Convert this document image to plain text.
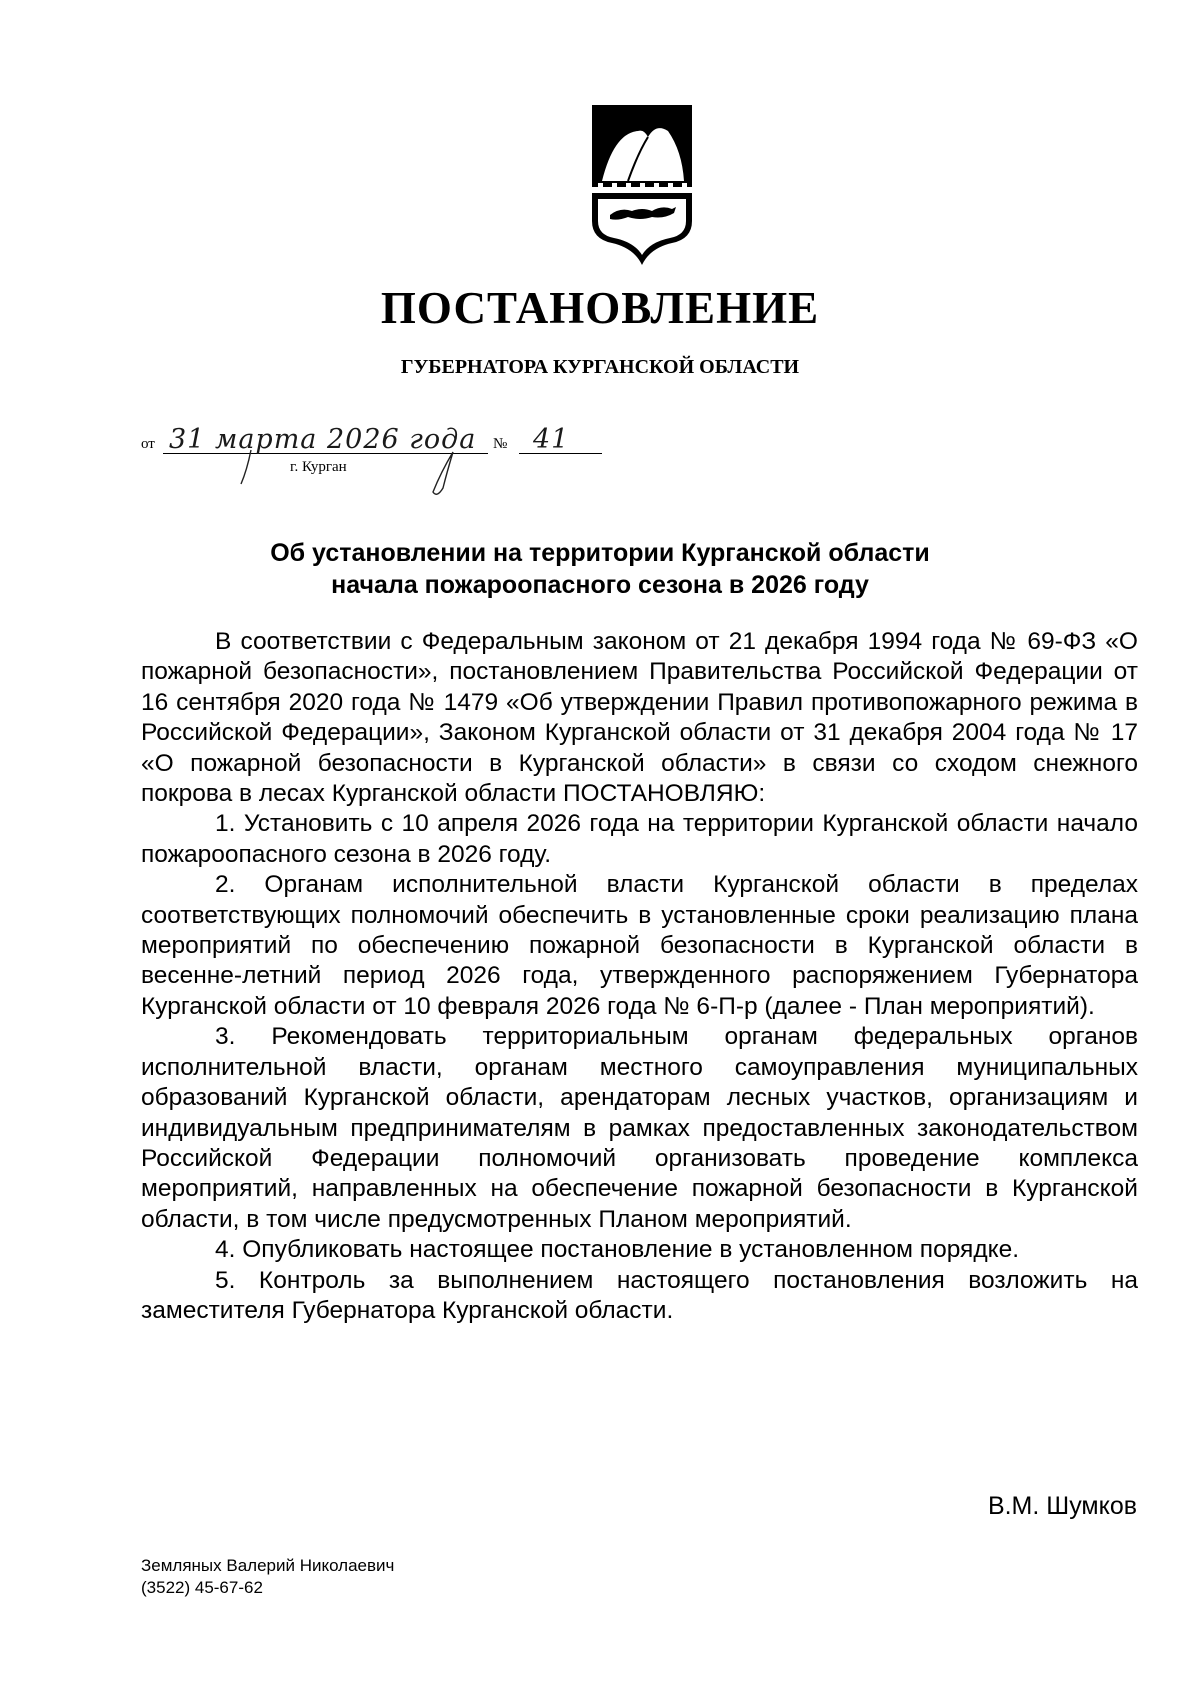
ПОСТАНОВЛЕНИЕ
ГУБЕРНАТОРА КУРГАНСКОЙ ОБЛАСТИ
от 31 марта 2026 года № 41
г. Курган
Об установлении на территории Курганской области
начала пожароопасного сезона в 2026 году

В соответствии с Федеральным законом от 21 декабря 1994 года № 69-ФЗ «О пожарной безопасности», постановлением Правительства Российской Федерации от 16 сентября 2020 года № 1479 «Об утверждении Правил противопожарного режима в Российской Федерации», Законом Курганской области от 31 декабря 2004 года № 17 «О пожарной безопасности в Курганской области» в связи со сходом снежного покрова в лесах Курганской области ПОСТАНОВЛЯЮ:

1. Установить с 10 апреля 2026 года на территории Курганской области начало пожароопасного сезона в 2026 году.

2. Органам исполнительной власти Курганской области в пределах соответствующих полномочий обеспечить в установленные сроки реализацию плана мероприятий по обеспечению пожарной безопасности в Курганской области в весенне-летний период 2026 года, утвержденного распоряжением Губернатора Курганской области от 10 февраля 2026 года № 6-П-р (далее - План мероприятий).

3. Рекомендовать территориальным органам федеральных органов исполнительной власти, органам местного самоуправления муниципальных образований Курганской области, арендаторам лесных участков, организациям и индивидуальным предпринимателям в рамках предоставленных законодательством Российской Федерации полномочий организовать проведение комплекса мероприятий, направленных на обеспечение пожарной безопасности в Курганской области, в том числе предусмотренных Планом мероприятий.

4. Опубликовать настоящее постановление в установленном порядке.

5. Контроль за выполнением настоящего постановления возложить на заместителя Губернатора Курганской области.

В.М. Шумков
Земляных Валерий Николаевич
(3522) 45-67-62
